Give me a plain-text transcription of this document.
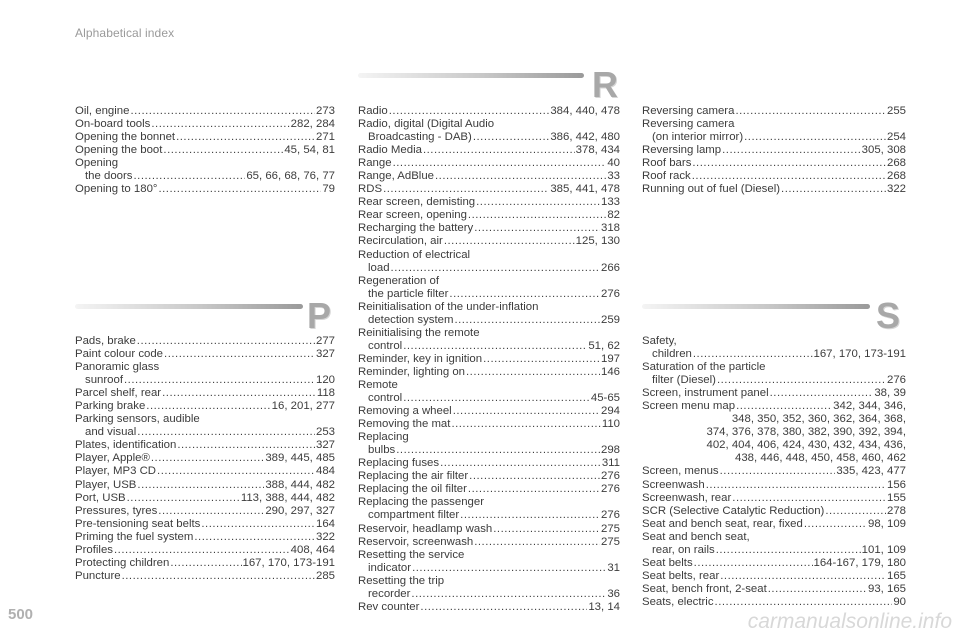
Alphabetical index
Oil, engine .....	273
On-board tools .....	282, 284
Opening the bonnet .....	271
Opening the boot .....	45, 54, 81
Opening
the doors .....	65, 66, 68, 76, 77
Opening to 180° .....	79
P
Pads, brake .....	277
Paint colour code .....	327
Panoramic glass
sunroof .....	120
Parcel shelf, rear .....	118
Parking brake .....	16, 201, 277
Parking sensors, audible
and visual .....	253
Plates, identification .....	327
Player, Apple® .....	389, 445, 485
Player, MP3 CD .....	484
Player, USB .....	388, 444, 482
Port, USB .....	113, 388, 444, 482
Pressures, tyres .....	290, 297, 327
Pre-tensioning seat belts .....	164
Priming the fuel system .....	322
Profiles .....	408, 464
Protecting children .....	167, 170, 173-191
Puncture .....	285
R
Radio .....	384, 440, 478
Radio, digital (Digital Audio
Broadcasting - DAB) .....	386, 442, 480
Radio Media .....	378, 434
Range .....	40
Range, AdBlue .....	33
RDS .....	385, 441, 478
Rear screen, demisting .....	133
Rear screen, opening .....	82
Recharging the battery .....	318
Recirculation, air .....	125, 130
Reduction of electrical
load .....	266
Regeneration of
the particle filter .....	276
Reinitialisation of the under-inflation
detection system .....	259
Reinitialising the remote
control .....	51, 62
Reminder, key in ignition .....	197
Reminder, lighting on .....	146
Remote
control .....	45-65
Removing a wheel .....	294
Removing the mat .....	110
Replacing
bulbs .....	298
Replacing fuses .....	311
Replacing the air filter .....	276
Replacing the oil filter .....	276
Replacing the passenger
compartment filter .....	276
Reservoir, headlamp wash .....	275
Reservoir, screenwash .....	275
Resetting the service
indicator .....	31
Resetting the trip
recorder .....	36
Rev counter .....	13, 14
Reversing camera .....	255
Reversing camera
(on interior mirror) .....	254
Reversing lamp .....	305, 308
Roof bars .....	268
Roof rack .....	268
Running out of fuel (Diesel) .....	322
S
Safety,
children .....	167, 170, 173-191
Saturation of the particle
filter (Diesel) .....	276
Screen, instrument panel .....	38, 39
Screen menu map .....	342, 344, 346,
348, 350, 352, 360, 362, 364, 368,
374, 376, 378, 380, 382, 390, 392, 394,
402, 404, 406, 424, 430, 432, 434, 436,
438, 446, 448, 450, 458, 460, 462
Screen, menus .....	335, 423, 477
Screenwash .....	156
Screenwash, rear .....	155
SCR (Selective Catalytic Reduction) .....	278
Seat and bench seat, rear, fixed .....	98, 109
Seat and bench seat,
rear, on rails .....	101, 109
Seat belts .....	164-167, 179, 180
Seat belts, rear .....	165
Seat, bench front, 2-seat .....	93, 165
Seats, electric .....	90
500	carmanualsonline.info
